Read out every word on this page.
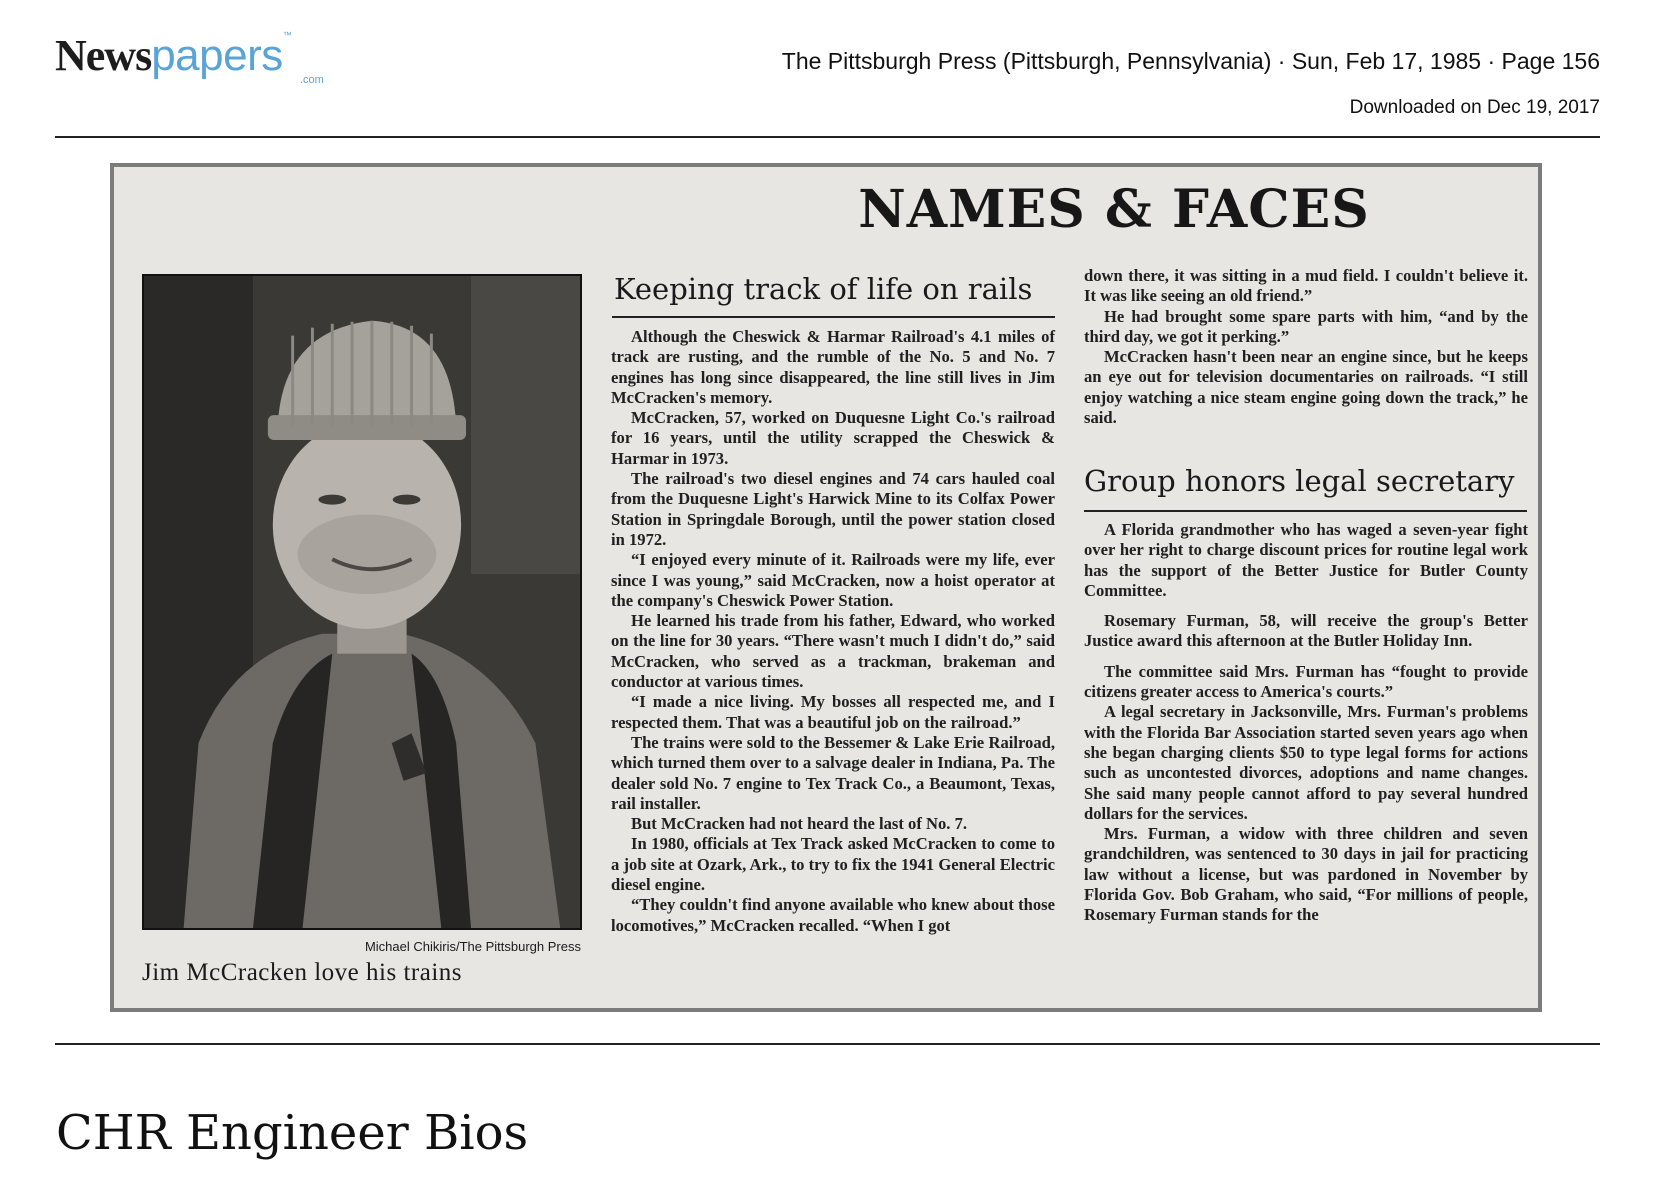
Newspapers™
.com
The Pittsburgh Press (Pittsburgh, Pennsylvania) · Sun, Feb 17, 1985 · Page 156
Downloaded on Dec 19, 2017
NAMES & FACES
Michael Chikiris/The Pittsburgh Press
Jim McCracken love his trains
Keeping track of life on rails

Although the Cheswick & Harmar Railroad's 4.1 miles of track are rusting, and the rumble of the No. 5 and No. 7 engines has long since disappeared, the line still lives in Jim McCracken's memory.

McCracken, 57, worked on Duquesne Light Co.'s railroad for 16 years, until the utility scrapped the Cheswick & Harmar in 1973.

The railroad's two diesel engines and 74 cars hauled coal from the Duquesne Light's Harwick Mine to its Colfax Power Station in Springdale Borough, until the power station closed in 1972.

“I enjoyed every minute of it. Railroads were my life, ever since I was young,” said McCracken, now a hoist operator at the company's Cheswick Power Station.

He learned his trade from his father, Edward, who worked on the line for 30 years. “There wasn't much I didn't do,” said McCracken, who served as a trackman, brakeman and conductor at various times.

“I made a nice living. My bosses all respected me, and I respected them. That was a beautiful job on the railroad.”

The trains were sold to the Bessemer & Lake Erie Railroad, which turned them over to a salvage dealer in Indiana, Pa. The dealer sold No. 7 engine to Tex Track Co., a Beaumont, Texas, rail installer.

But McCracken had not heard the last of No. 7.

In 1980, officials at Tex Track asked McCracken to come to a job site at Ozark, Ark., to try to fix the 1941 General Electric diesel engine.

“They couldn't find anyone available who knew about those locomotives,” McCracken recalled. “When I got

down there, it was sitting in a mud field. I couldn't believe it. It was like seeing an old friend.”

He had brought some spare parts with him, “and by the third day, we got it perking.”

McCracken hasn't been near an engine since, but he keeps an eye out for television documentaries on railroads. “I still enjoy watching a nice steam engine going down the track,” he said.

Group honors legal secretary

A Florida grandmother who has waged a seven-year fight over her right to charge discount prices for routine legal work has the support of the Better Justice for Butler County Committee.

Rosemary Furman, 58, will receive the group's Better Justice award this afternoon at the Butler Holiday Inn.

The committee said Mrs. Furman has “fought to provide citizens greater access to America's courts.”

A legal secretary in Jacksonville, Mrs. Furman's problems with the Florida Bar Association started seven years ago when she began charging clients $50 to type legal forms for actions such as uncontested divorces, adoptions and name changes. She said many people cannot afford to pay several hundred dollars for the services.

Mrs. Furman, a widow with three children and seven grandchildren, was sentenced to 30 days in jail for practicing law without a license, but was pardoned in November by Florida Gov. Bob Graham, who said, “For millions of people, Rosemary Furman stands for the

CHR Engineer Bios
